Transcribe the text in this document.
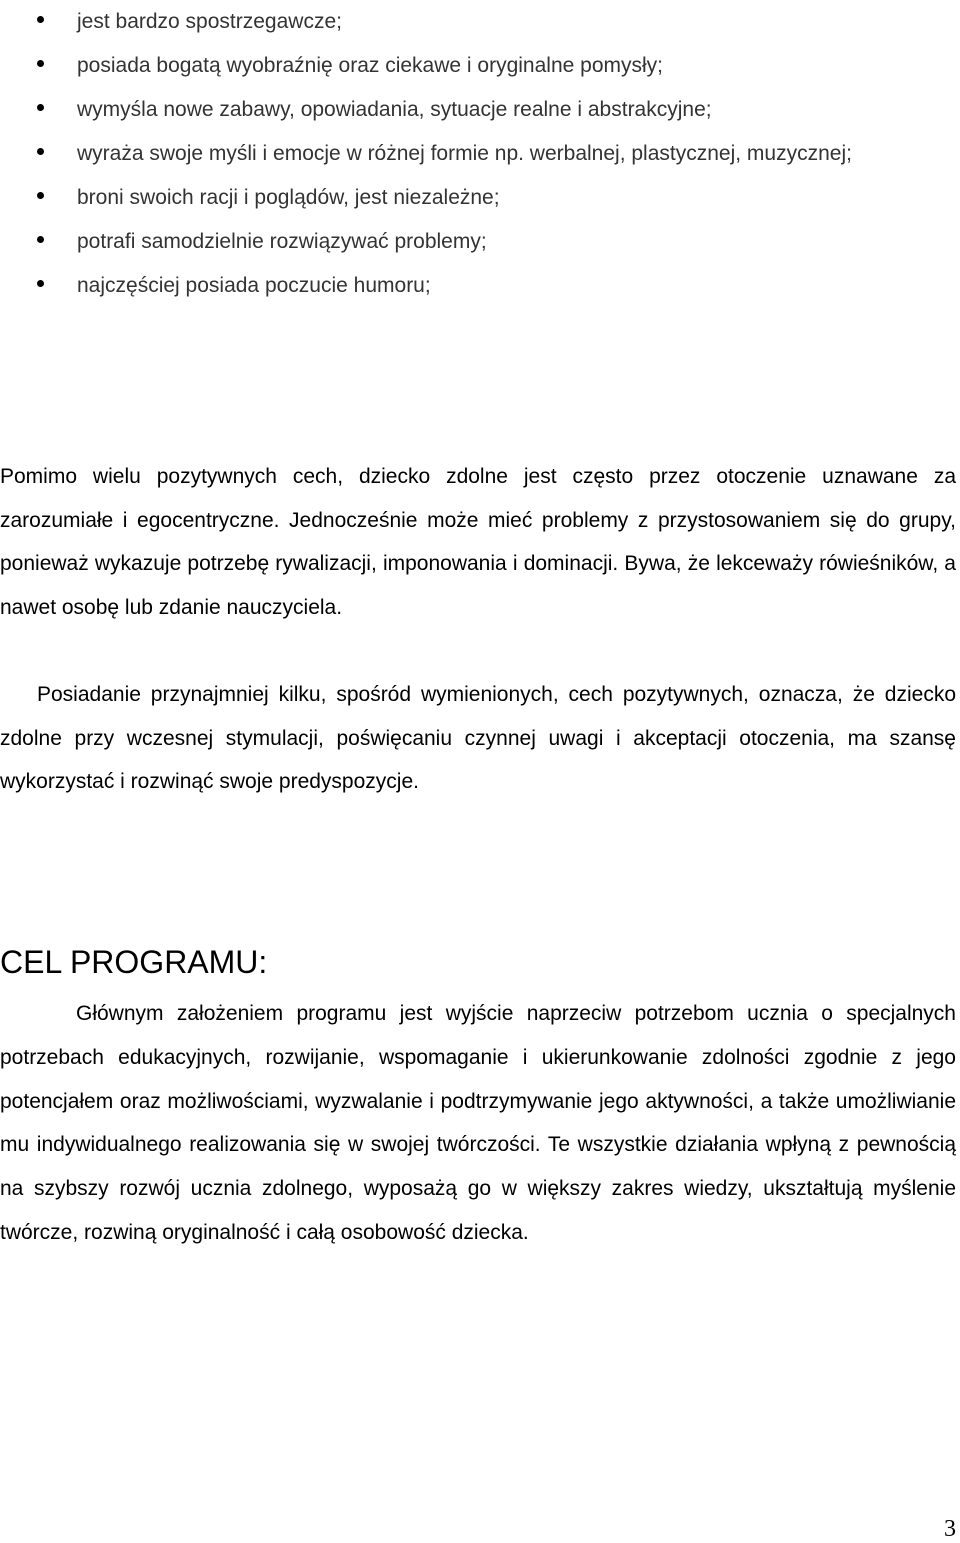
jest bardzo spostrzegawcze;
posiada bogatą wyobraźnię oraz ciekawe i oryginalne pomysły;
wymyśla nowe zabawy, opowiadania, sytuacje realne i abstrakcyjne;
wyraża swoje myśli i emocje w różnej formie np. werbalnej, plastycznej, muzycznej;
broni swoich racji i poglądów, jest niezależne;
potrafi samodzielnie rozwiązywać problemy;
najczęściej posiada poczucie humoru;

Pomimo wielu pozytywnych cech, dziecko zdolne jest często przez otoczenie uznawane za zarozumiałe i egocentryczne. Jednocześnie może mieć problemy z przystosowaniem się do grupy, ponieważ wykazuje potrzebę rywalizacji, imponowania i dominacji. Bywa, że lekceważy rówieśników, a nawet osobę lub zdanie nauczyciela.

Posiadanie przynajmniej kilku, spośród wymienionych, cech pozytywnych, oznacza, że dziecko zdolne przy wczesnej stymulacji, poświęcaniu czynnej uwagi i akceptacji otoczenia, ma szansę wykorzystać i rozwinąć swoje predyspozycje.

CEL PROGRAMU:

Głównym założeniem programu jest wyjście naprzeciw potrzebom ucznia o specjalnych potrzebach edukacyjnych, rozwijanie, wspomaganie i ukierunkowanie zdolności zgodnie z jego potencjałem oraz możliwościami, wyzwalanie i podtrzymywanie jego aktywności, a także umożliwianie mu indywidualnego realizowania się w swojej twórczości. Te wszystkie działania wpłyną z pewnością na szybszy rozwój ucznia zdolnego, wyposażą go w większy zakres wiedzy, ukształtują myślenie twórcze, rozwiną oryginalność i całą osobowość dziecka.

3
